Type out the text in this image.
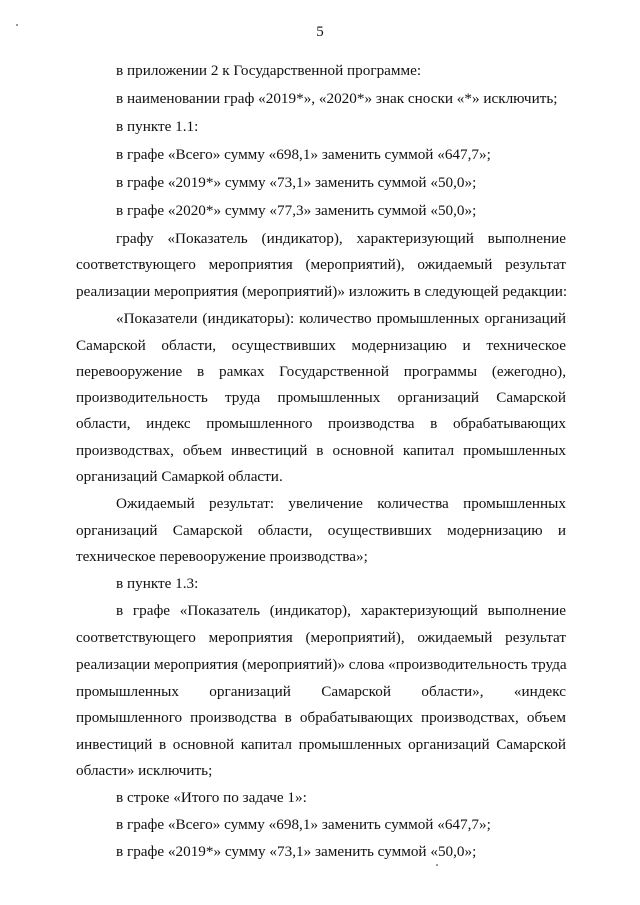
5
в приложении 2 к Государственной программе:
в наименовании граф «2019*», «2020*» знак сноски «*» исключить;
в пункте 1.1:
в графе «Всего» сумму «698,1» заменить суммой «647,7»;
в графе «2019*» сумму «73,1» заменить суммой «50,0»;
в графе «2020*» сумму «77,3» заменить суммой «50,0»;
графу «Показатель (индикатор), характеризующий выполнение
соответствующего мероприятия (мероприятий), ожидаемый результат
реализации мероприятия (мероприятий)» изложить в следующей редакции:
«Показатели (индикаторы): количество промышленных организаций
Самарской области, осуществивших модернизацию и техническое
перевооружение в рамках Государственной программы (ежегодно),
производительность труда промышленных организаций Самарской
области, индекс промышленного производства в обрабатывающих
производствах, объем инвестиций в основной капитал промышленных
организаций Самаркой области.
Ожидаемый результат: увеличение количества промышленных
организаций Самарской области, осуществивших модернизацию и
техническое перевооружение производства»;
в пункте 1.3:
в графе «Показатель (индикатор), характеризующий выполнение
соответствующего мероприятия (мероприятий), ожидаемый результат
реализации мероприятия (мероприятий)» слова «производительность труда
промышленных организаций Самарской области», «индекс
промышленного производства в обрабатывающих производствах, объем
инвестиций в основной капитал промышленных организаций Самарской
области» исключить;
в строке «Итого по задаче 1»:
в графе «Всего» сумму «698,1» заменить суммой «647,7»;
в графе «2019*» сумму «73,1» заменить суммой «50,0»;
